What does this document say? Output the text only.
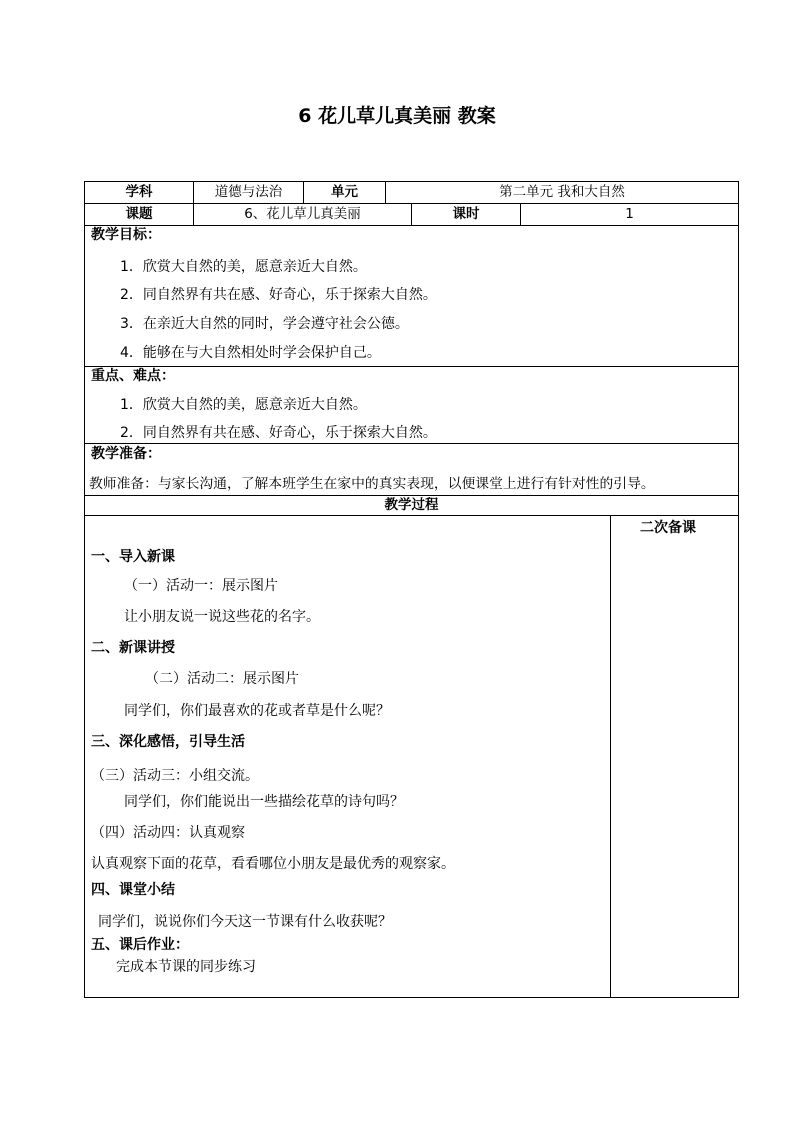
6 花儿草儿真美丽 教案
学科	道德与法治	单元	第二单元 我和大自然
课题	6、花儿草儿真美丽	课时	1
教学目标：
1．欣赏大自然的美，愿意亲近大自然。
2．同自然界有共在感、好奇心，乐于探索大自然。
3．在亲近大自然的同时，学会遵守社会公德。
4．能够在与大自然相处时学会保护自己。
重点、难点：
1．欣赏大自然的美，愿意亲近大自然。
2．同自然界有共在感、好奇心，乐于探索大自然。
教学准备：
教师准备：与家长沟通，了解本班学生在家中的真实表现，以便课堂上进行有针对性的引导。
教学过程
二次备课
一、导入新课
（一）活动一：展示图片
让小朋友说一说这些花的名字。
二、新课讲授
（二）活动二：展示图片
同学们，你们最喜欢的花或者草是什么呢？
三、深化感悟，引导生活
（三）活动三：小组交流。
同学们，你们能说出一些描绘花草的诗句吗？
（四）活动四：认真观察
认真观察下面的花草，看看哪位小朋友是最优秀的观察家。
四、课堂小结
同学们，说说你们今天这一节课有什么收获呢？
五、课后作业：
完成本节课的同步练习
